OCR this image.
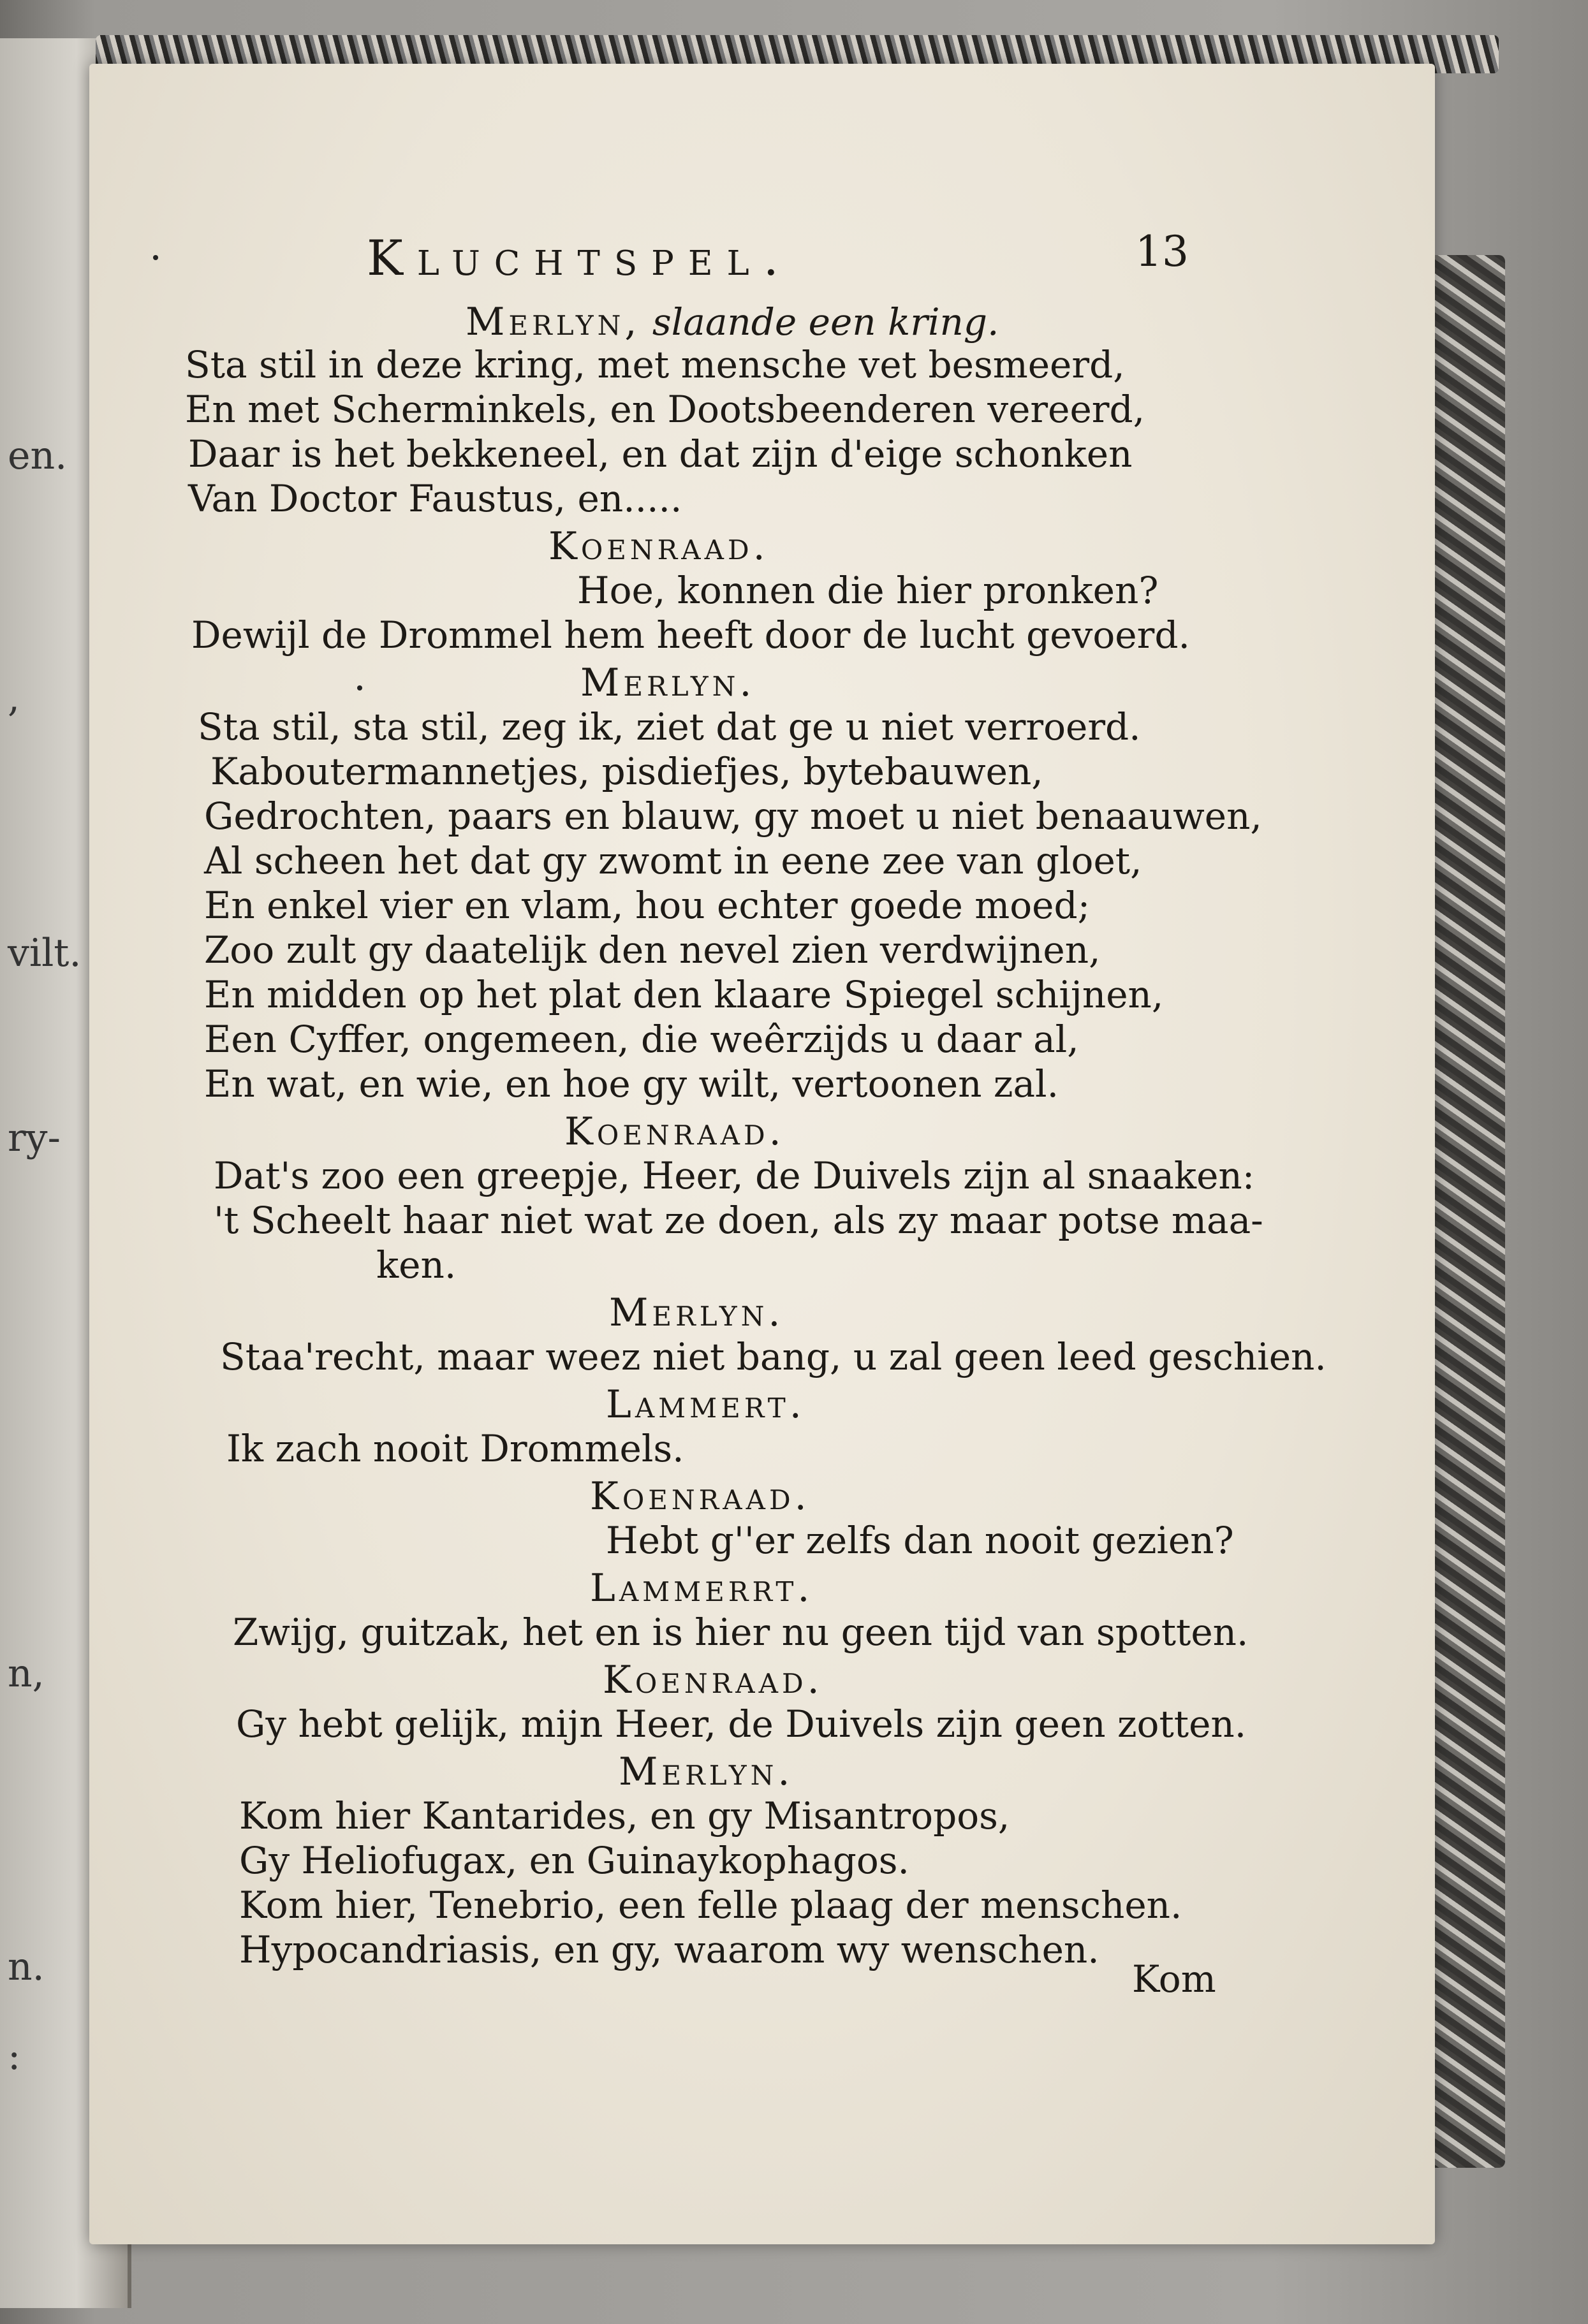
en.
,
vilt.
ry-
n,
n.
:
Kluchtspel.	13
Merlyn, slaande een kring.
Sta stil in deze kring, met mensche vet besmeerd,
En met Scherminkels, en Dootsbeenderen vereerd,
Daar is het bekkeneel, en dat zijn d'eige schonken
Van Doctor Faustus, en.....
Koenraad.
Hoe, konnen die hier pronken?
Dewijl de Drommel hem heeft door de lucht gevoerd.
Merlyn.
Sta stil, sta stil, zeg ik, ziet dat ge u niet verroerd.
Kaboutermannetjes, pisdiefjes, bytebauwen,
Gedrochten, paars en blauw, gy moet u niet benaauwen,
Al scheen het dat gy zwomt in eene zee van gloet,
En enkel vier en vlam, hou echter goede moed;
Zoo zult gy daatelijk den nevel zien verdwijnen,
En midden op het plat den klaare Spiegel schijnen,
Een Cyffer, ongemeen, die weêrzijds u daar al,
En wat, en wie, en hoe gy wilt, vertoonen zal.
Koenraad.
Dat's zoo een greepje, Heer, de Duivels zijn al snaaken:
't Scheelt haar niet wat ze doen, als zy maar potse maa-
ken.
Merlyn.
Staa'recht, maar weez niet bang, u zal geen leed geschien.
Lammert.
Ik zach nooit Drommels.
Koenraad.
Hebt g''er zelfs dan nooit gezien?
Lammerrt.
Zwijg, guitzak, het en is hier nu geen tijd van spotten.
Koenraad.
Gy hebt gelijk, mijn Heer, de Duivels zijn geen zotten.
Merlyn.
Kom hier Kantarides, en gy Misantropos,
Gy Heliofugax, en Guinaykophagos.
Kom hier, Tenebrio, een felle plaag der menschen.
Hypocandriasis, en gy, waarom wy wenschen.
Kom
